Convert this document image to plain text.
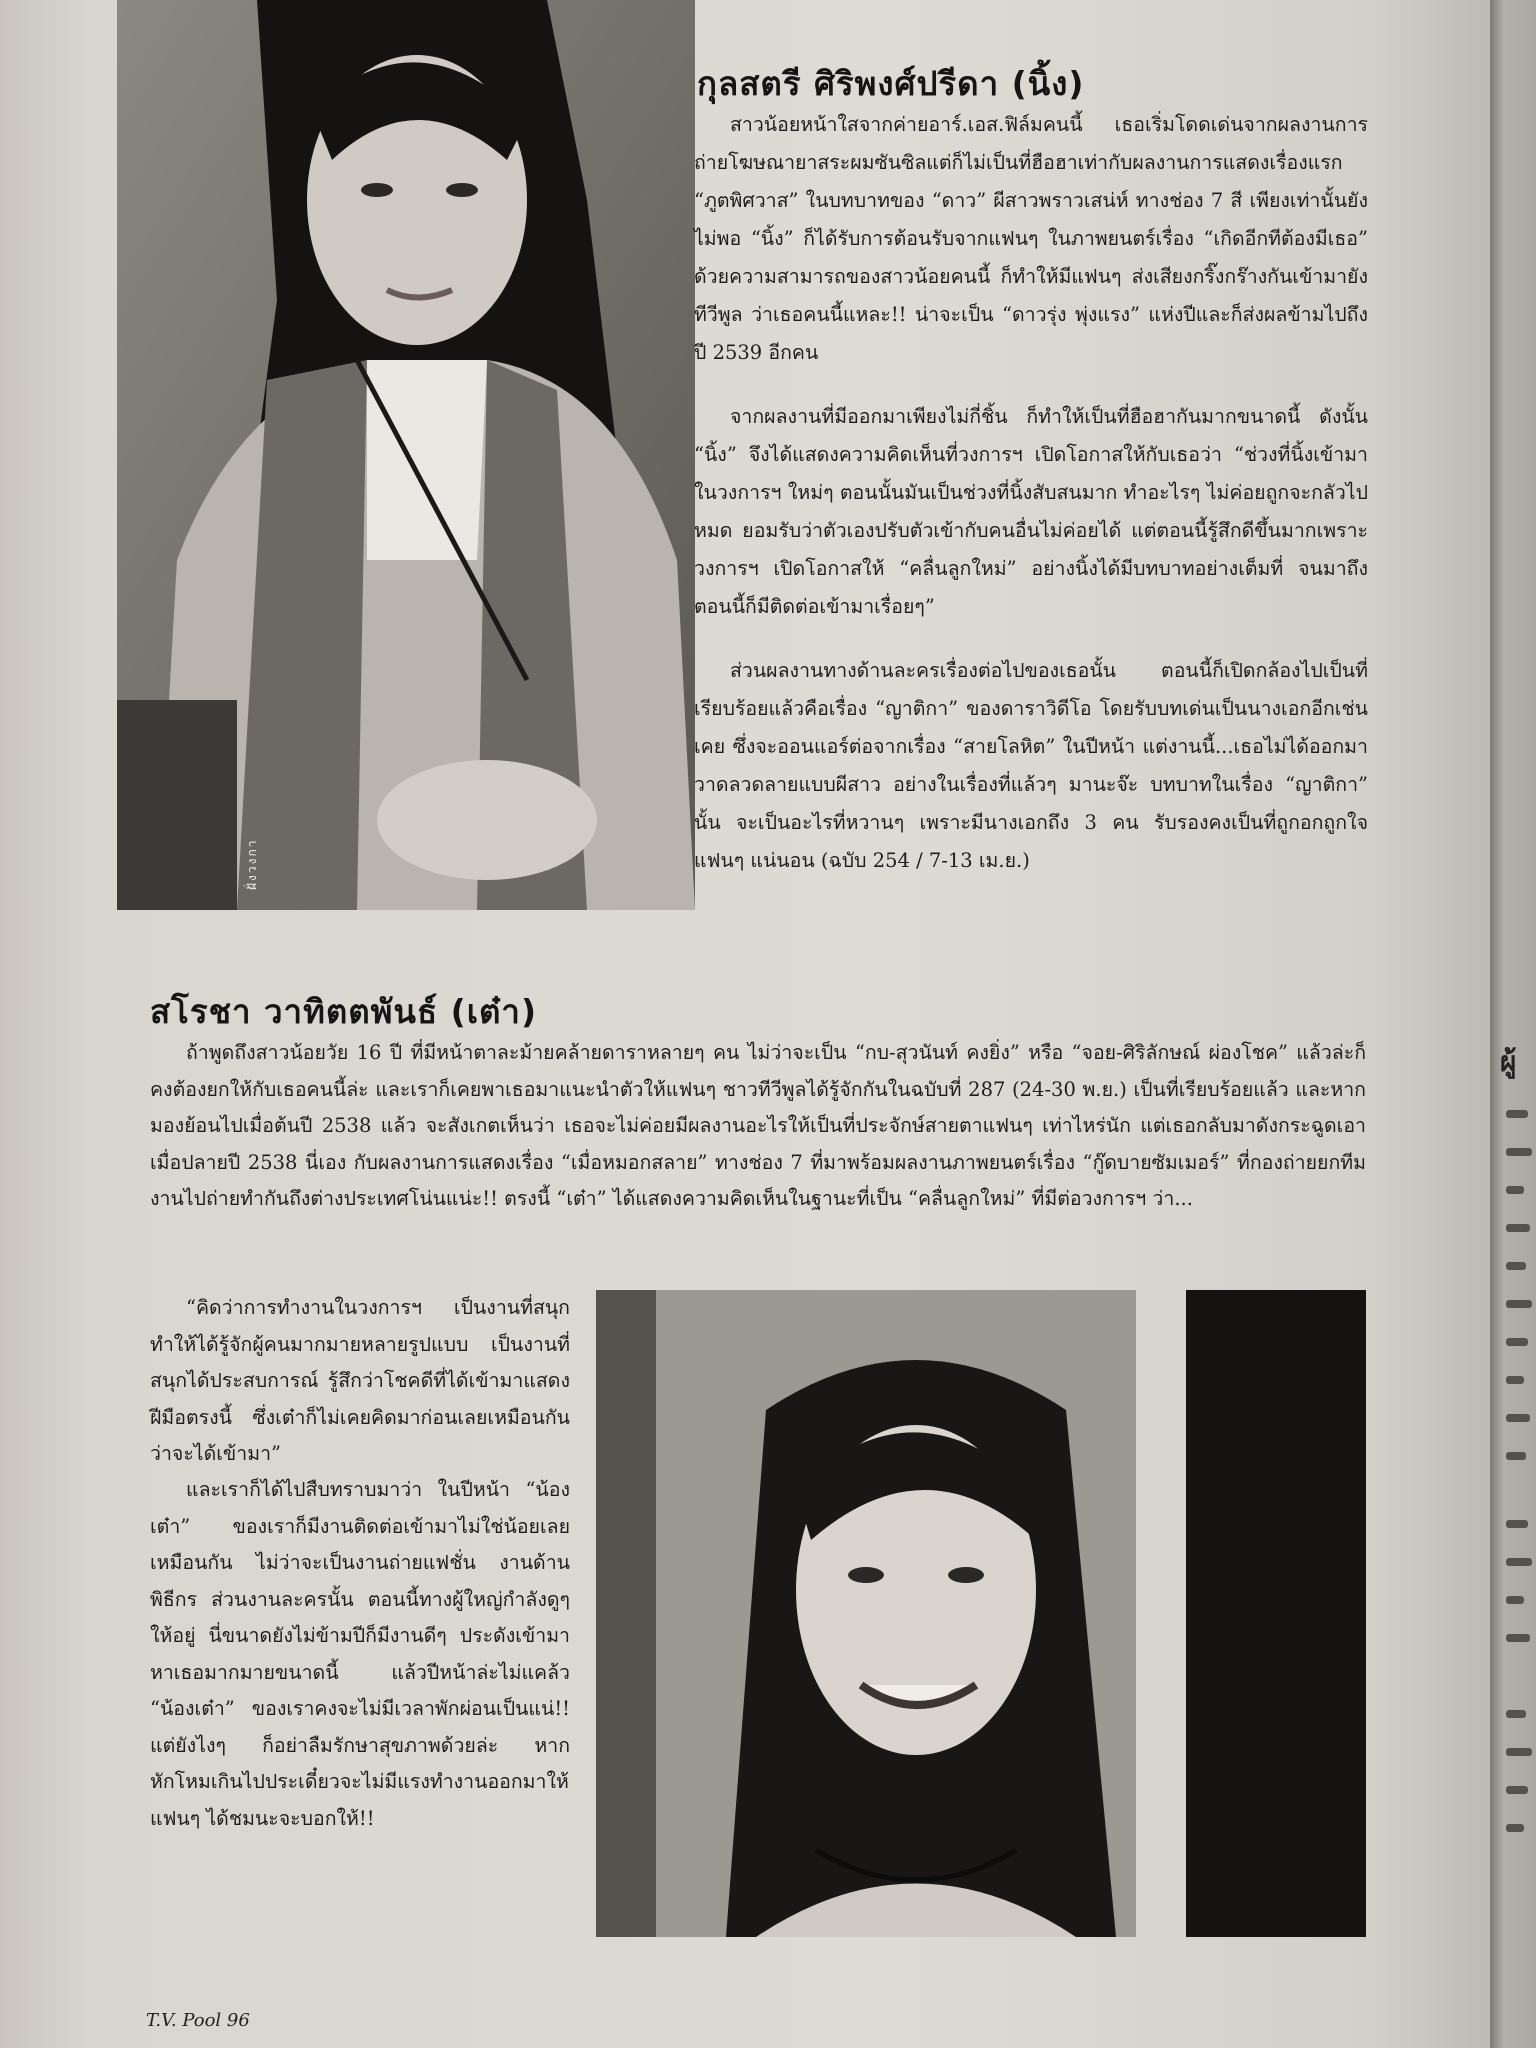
ฝั่งวงกา
กุลสตรี ศิริพงศ์ปรีดา (นิ้ง)

สาวน้อยหน้าใสจากค่ายอาร์.เอส.ฟิล์มคนนี้ เธอเริ่มโดดเด่นจากผลงานการถ่ายโฆษณายาสระผมซันซิลแต่ก็ไม่เป็นที่ฮือฮาเท่ากับผลงานการแสดงเรื่องแรก “ภูตพิศวาส” ในบทบาทของ “ดาว” ผีสาวพราวเสน่ห์ ทางช่อง 7 สี เพียงเท่านั้นยังไม่พอ “นิ้ง” ก็ได้รับการต้อนรับจากแฟนๆ ในภาพยนตร์เรื่อง “เกิดอีกทีต้องมีเธอ” ด้วยความสามารถของสาวน้อยคนนี้ ก็ทำให้มีแฟนๆ ส่งเสียงกริ๊งกร๊างกันเข้ามายังทีวีพูล ว่าเธอคนนี้แหละ!! น่าจะเป็น “ดาวรุ่ง พุ่งแรง” แห่งปีและก็ส่งผลข้ามไปถึงปี 2539 อีกคน

จากผลงานที่มีออกมาเพียงไม่กี่ชิ้น ก็ทำให้เป็นที่ฮือฮากันมากขนาดนี้ ดังนั้น “นิ้ง” จึงได้แสดงความคิดเห็นที่วงการฯ เปิดโอกาสให้กับเธอว่า “ช่วงที่นิ้งเข้ามาในวงการฯ ใหม่ๆ ตอนนั้นมันเป็นช่วงที่นิ้งสับสนมาก ทำอะไรๆ ไม่ค่อยถูกจะกลัวไปหมด ยอมรับว่าตัวเองปรับตัวเข้ากับคนอื่นไม่ค่อยได้ แต่ตอนนี้รู้สึกดีขึ้นมากเพราะวงการฯ เปิดโอกาสให้ “คลื่นลูกใหม่” อย่างนิ้งได้มีบทบาทอย่างเต็มที่ จนมาถึงตอนนี้ก็มีติดต่อเข้ามาเรื่อยๆ”

ส่วนผลงานทางด้านละครเรื่องต่อไปของเธอนั้น ตอนนี้ก็เปิดกล้องไปเป็นที่เรียบร้อยแล้วคือเรื่อง “ญาติกา” ของดาราวิดีโอ โดยรับบทเด่นเป็นนางเอกอีกเช่นเคย ซึ่งจะออนแอร์ต่อจากเรื่อง “สายโลหิต” ในปีหน้า แต่งานนี้...เธอไม่ได้ออกมาวาดลวดลายแบบผีสาว อย่างในเรื่องที่แล้วๆ มานะจ๊ะ บทบาทในเรื่อง “ญาติกา” นั้น จะเป็นอะไรที่หวานๆ เพราะมีนางเอกถึง 3 คน รับรองคงเป็นที่ถูกอกถูกใจแฟนๆ แน่นอน (ฉบับ 254 / 7-13 เม.ย.)

สโรชา วาทิตตพันธ์ (เต๋า)

ถ้าพูดถึงสาวน้อยวัย 16 ปี ที่มีหน้าตาละม้ายคล้ายดาราหลายๆ คน ไม่ว่าจะเป็น “กบ-สุวนันท์ คงยิ่ง” หรือ “จอย-ศิริลักษณ์ ผ่องโชค” แล้วล่ะก็ คงต้องยกให้กับเธอคนนี้ล่ะ และเราก็เคยพาเธอมาแนะนำตัวให้แฟนๆ ชาวทีวีพูลได้รู้จักกันในฉบับที่ 287 (24-30 พ.ย.) เป็นที่เรียบร้อยแล้ว และหากมองย้อนไปเมื่อต้นปี 2538 แล้ว จะสังเกตเห็นว่า เธอจะไม่ค่อยมีผลงานอะไรให้เป็นที่ประจักษ์สายตาแฟนๆ เท่าไหร่นัก แต่เธอกลับมาดังกระฉูดเอาเมื่อปลายปี 2538 นี่เอง กับผลงานการแสดงเรื่อง “เมื่อหมอกสลาย” ทางช่อง 7 ที่มาพร้อมผลงานภาพยนตร์เรื่อง “กู๊ดบายซัมเมอร์” ที่กองถ่ายยกทีมงานไปถ่ายทำกันถึงต่างประเทศโน่นแน่ะ!! ตรงนี้ “เต๋า” ได้แสดงความคิดเห็นในฐานะที่เป็น “คลื่นลูกใหม่” ที่มีต่อวงการฯ ว่า...

“คิดว่าการทำงานในวงการฯ เป็นงานที่สนุก ทำให้ได้รู้จักผู้คนมากมายหลายรูปแบบ เป็นงานที่สนุกได้ประสบการณ์ รู้สึกว่าโชคดีที่ได้เข้ามาแสดงฝีมือตรงนี้ ซึ่งเต๋าก็ไม่เคยคิดมาก่อนเลยเหมือนกันว่าจะได้เข้ามา”

และเราก็ได้ไปสืบทราบมาว่า ในปีหน้า “น้องเต๋า” ของเราก็มีงานติดต่อเข้ามาไม่ใช่น้อยเลยเหมือนกัน ไม่ว่าจะเป็นงานถ่ายแฟชั่น งานด้านพิธีกร ส่วนงานละครนั้น ตอนนี้ทางผู้ใหญ่กำลังดูๆ ให้อยู่ นี่ขนาดยังไม่ข้ามปีก็มีงานดีๆ ประดังเข้ามาหาเธอมากมายขนาดนี้ แล้วปีหน้าล่ะไม่แคล้ว “น้องเต๋า” ของเราคงจะไม่มีเวลาพักผ่อนเป็นแน่!! แต่ยังไงๆ ก็อย่าลืมรักษาสุขภาพด้วยล่ะ หากหักโหมเกินไปประเดี๋ยวจะไม่มีแรงทำงานออกมาให้แฟนๆ ได้ชมนะจะบอกให้!!

T.V. Pool 96
ผู้
